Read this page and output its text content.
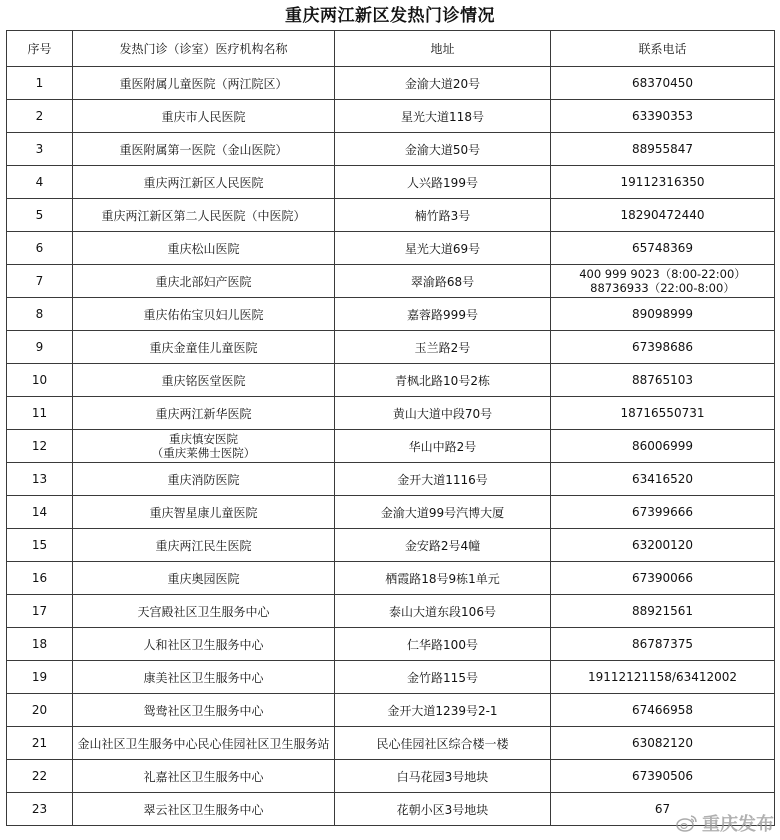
重庆两江新区发热门诊情况
序号	发热门诊（诊室）医疗机构名称	地址	联系电话
1	重医附属儿童医院（两江院区）	金渝大道20号	68370450
2	重庆市人民医院	星光大道118号	63390353
3	重医附属第一医院（金山医院）	金渝大道50号	88955847
4	重庆两江新区人民医院	人兴路199号	19112316350
5	重庆两江新区第二人民医院（中医院）	楠竹路3号	18290472440
6	重庆松山医院	星光大道69号	65748369
7	重庆北部妇产医院	翠渝路68号	400 999 9023（8:00-22:00）
88736933（22:00-8:00）

8	重庆佑佑宝贝妇儿医院	嘉蓉路999号	89098999
9	重庆金童佳儿童医院	玉兰路2号	67398686
10	重庆铭医堂医院	青枫北路10号2栋	88765103
11	重庆两江新华医院	黄山大道中段70号	18716550731
12	重庆慎安医院
（重庆莱佛士医院）	华山中路2号	86006999
13	重庆消防医院	金开大道1116号	63416520
14	重庆智星康儿童医院	金渝大道99号汽博大厦	67399666
15	重庆两江民生医院	金安路2号4幢	63200120
16	重庆奥园医院	栖霞路18号9栋1单元	67390066
17	天宫殿社区卫生服务中心	泰山大道东段106号	88921561
18	人和社区卫生服务中心	仁华路100号	86787375
19	康美社区卫生服务中心	金竹路115号	19112121158/63412002
20	鸳鸯社区卫生服务中心	金开大道1239号2-1	67466958
21	金山社区卫生服务中心民心佳园社区卫生服务站	民心佳园社区综合楼一楼	63082120
22	礼嘉社区卫生服务中心	白马花园3号地块	67390506
23	翠云社区卫生服务中心	花朝小区3号地块	67
重庆发布
